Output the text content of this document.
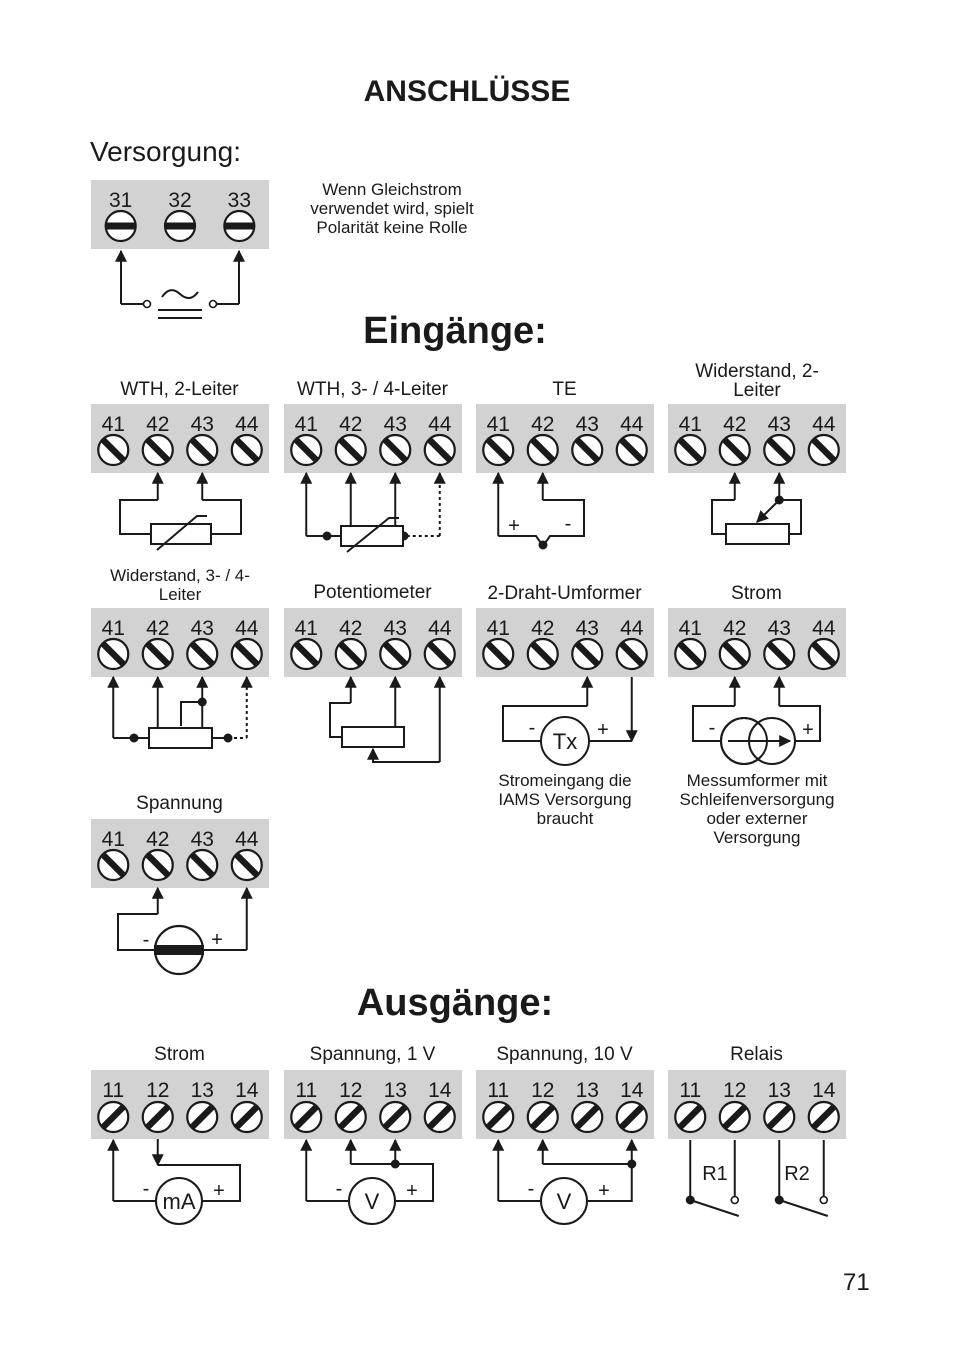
31 32 33
41 42 43 44 41 42 43 44 41 42 43 44 41 42 43 44
41 42 43 44 41 42 43 44 41 42 43 44 41 42 43 44
41 42 43 44
+ -
Tx
-	+	-	+
-	+
11 12 13 14 11 12 13 14 11 12 13 14 11 12 13 14
mA
-	+	V
-	+	V
-	+
R1	R2
ANSCHLÜSSE
Versorgung:
Wenn Gleichstrom verwendet wird, spielt Polarität keine Rolle
Eingänge:
Ausgänge:
WTH, 2-Leiter	WTH, 3- / 4-Leiter	TE
Widerstand, 2-Leiter
Widerstand, 3- / 4-Leiter	Potentiometer	2-Draht-Umformer	Strom
Spannung
Stromeingang die IAMS Versorgung braucht
Messumformer mit Schleifenversorgung oder externer Versorgung
Strom	Spannung, 1 V	Spannung, 10 V	Relais
71
